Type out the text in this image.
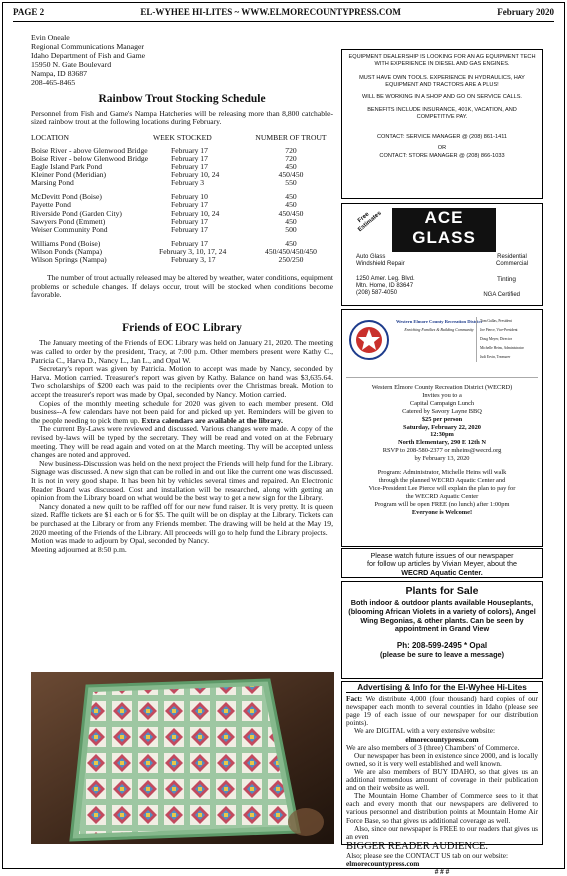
PAGE 2	EL-WYHEE HI-LITES ~ WWW.ELMORECOUNTYPRESS.COM	February 2020
Evin Oneale
Regional Communications Manager
Idaho Department of Fish and Game
15950 N. Gate Boulevard
Nampa, ID 83687
208-465-8465
Rainbow Trout Stocking Schedule

Personnel from Fish and Game's Nampa Hatcheries will be releasing more than 8,800 catchable-sized rainbow trout at the following locations during February.

LOCATION	WEEK STOCKED	NUMBER OF TROUT

Boise River - above Glenwood Bridge	February 17	720
Boise River - below Glenwood Bridge	February 17	720
Eagle Island Park Pond	February 17	450
Kleiner Pond (Meridian)	February 10, 24	450/450
Marsing Pond	February 3	550

McDevitt Pond (Boise)	February 10	450
Payette Pond	February 17	450
Riverside Pond (Garden City)	February 10, 24	450/450
Sawyers Pond (Emmett)	February 17	450
Weiser Community Pond	February 17	500

Williams Pond (Boise)	February 17	450
Wilson Ponds (Nampa)	February 3, 10, 17, 24	450/450/450/450
Wilson Springs (Nampa)	February 3, 17	250/250

The number of trout actually released may be altered by weather, water conditions, equipment problems or schedule changes. If delays occur, trout will be stocked when conditions become favorable.

Friends of EOC Library

The January meeting of the Friends of EOC Library was held on January 21, 2020. The meeting was called to order by the president, Tracy, at 7:00 p.m. Other members present were Kathy C., Patricia C., Harva D., Nancy L., Jan L., and Opal W.

Secretary's report was given by Patricia. Motion to accept was made by Nancy, seconded by Harva. Motion carried. Treasurer's report was given by Kathy. Balance on hand was $3,635.64. Two scholarships of $200 each was paid to the recipients over the Christmas break. Motion to accept the treasurer's report was made by Opal, seconded by Nancy. Motion carried.

Copies of the monthly meeting schedule for 2020 was given to each member present. Old business--A few calendars have not been paid for and picked up yet. Reminders will be given to the people needing to pick them up. Extra calendars are available at the library.

The current By-Laws were reviewed and discussed. Various changes were made. A copy of the revised by-laws will be typed by the secretary. They will be read and voted on at the February meeting. They will be read again and voted on at the March meeting. Thy will be accepted unless changes are noted and approved.

New business-Discussion was held on the next project the Friends will help fund for the Library. Signage was discussed. A new sign that can be rolled in and out like the current one was discussed. It is not in very good shape. It has been hit by vehicles several times and repaired. An Electronic Reader Board was discussed. Cost and installation will be researched, along with getting an opinion from the Library board on what would be the best way to get a new sign for the Library.

Nancy donated a new quilt to be raffled off for our new fund raiser. It is very pretty. It is queen sized. Raffle tickets are $1 each or 6 for $5. The quilt will be on display at the Library. Tickets can be purchased at the Library or from any Friends member. The drawing will be held at the May 19, 2020 meeting of the Friends of the Library. All proceeds will go to help fund the Library projects.

Motion was made to adjourn by Opal, seconded by Nancy.

Meeting adjourned at 8:50 p.m.

EQUIPMENT DEALERSHIP IS LOOKING FOR AN AG EQUIPMENT TECH WITH EXPERIENCE IN DIESEL AND GAS ENGINES.

MUST HAVE OWN TOOLS. EXPERIENCE IN HYDRAULICS, HAY EQUIPMENT AND TRACTORS ARE A PLUS!

WILL BE WORKING IN A SHOP AND GO ON SERVICE CALLS.

BENEFITS INCLUDE INSURANCE, 401K, VACATION, AND COMPETITIVE PAY.

CONTACT: SERVICE MANAGER @ (208) 861-1411

OR

CONTACT: STORE MANAGER @ (208) 866-1033

Free Estimates	ACE
GLASS
Auto Glass
Windshield Repair
Residential
Commercial
1250 Amer. Leg. Blvd.
Mtn. Home, ID 83647
(208) 587-4050
Tinting
NGA Certified
Western Elmore County Recreation District
Enriching Families & Building Community
Tom Gallas, President
Joe Pierce, Vice-President
Doug Meyer, Director
Michelle Heins, Administrator
Judi Ervin, Treasurer
Western Elmore County Recreation District (WECRD)
Invites you to a
Capital Campaign Lunch
Catered by Savory Layne BBQ
$25 per person
Saturday, February 22, 2020
12:30pm
North Elementary, 290 E 12th N
RSVP to 208-580-2377 or mheins@wecrd.org
by February 13, 2020
Program: Administrator, Michelle Heins will walk
through the planned WECRD Aquatic Center and
Vice-President Lee Pierce will explain the plan to pay for
the WECRD Aquatic Center
Program will be open FREE (no lunch) after 1:00pm
Everyone is Welcome!
Please watch future issues of our newspaper
for follow up articles by Vivian Meyer, about the
WECRD Aquatic Center.
Plants for Sale
Both indoor & outdoor plants available Houseplants, (blooming African Violets in a variety of colors), Angel Wing Begonias, & other plants. Can be seen by appointment in Grand View
Ph: 208-599-2495 * Opal
(please be sure to leave a message)
Advertising & Info for the El-Wyhee Hi-Lites

Fact: We distribute 4,000 (four thousand) hard copies of our newspaper each month to several counties in Idaho (please see page 19 of each issue of our newspaper for our distribution points).

We are DIGITAL with a very extensive website:

elmorecountypress.com

We are also members of 3 (three) Chambers' of Commerce.

Our newspaper has been in existence since 2000, and is locally owned, so it is very well established and well known.

We are also members of BUY IDAHO, so that gives us an additional tremendous amount of coverage in their publication and on their website as well.

The Mountain Home Chamber of Commerce sees to it that each and every month that our newspapers are delivered to various personnel and distribution points at Mountain Home Air Force Base, so that gives us additional coverage as well.

Also, since our newspaper is FREE to our readers that gives us an even

BIGGER READER AUDIENCE.

Also; please see the CONTACT US tab on our website:

elmorecountypress.com

# # #
